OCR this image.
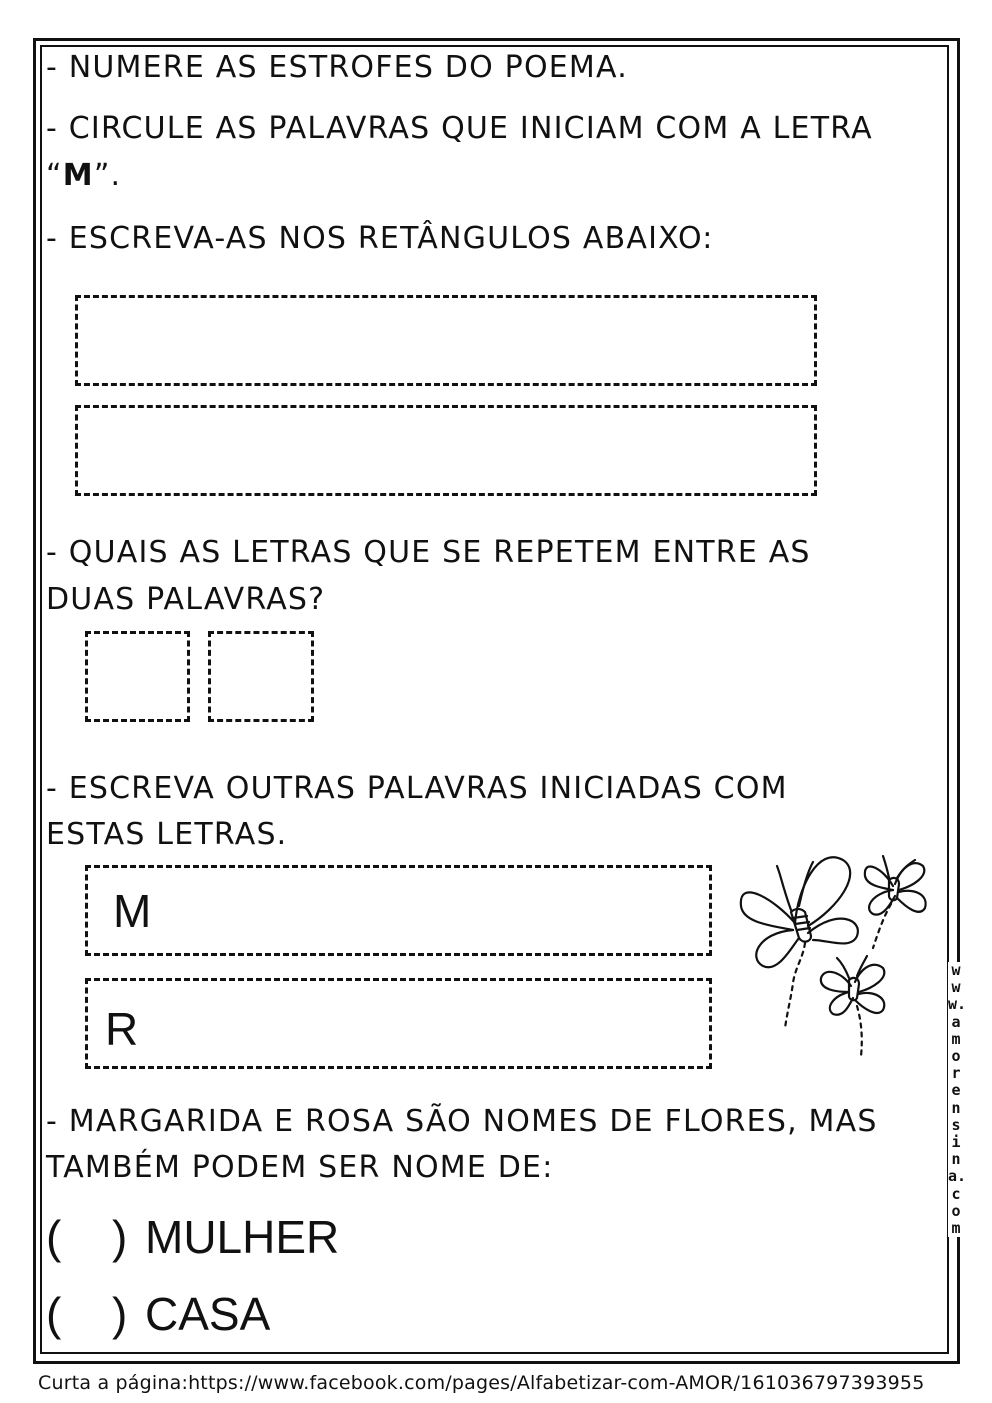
- NUMERE AS ESTROFES DO POEMA.
- CIRCULE AS PALAVRAS QUE INICIAM COM A LETRA
“M”.
- ESCREVA-AS NOS RETÂNGULOS ABAIXO:
- QUAIS AS LETRAS QUE SE REPETEM ENTRE AS
DUAS PALAVRAS?
- ESCREVA OUTRAS PALAVRAS INICIADAS COM
ESTAS LETRAS.
M
R
- MARGARIDA E ROSA SÃO NOMES DE FLORES, MAS
TAMBÉM PODEM SER NOME DE:
( ) MULHER
( ) CASA
www.amorensina.com
Curta a página:https://www.facebook.com/pages/Alfabetizar-com-AMOR/161036797393955
